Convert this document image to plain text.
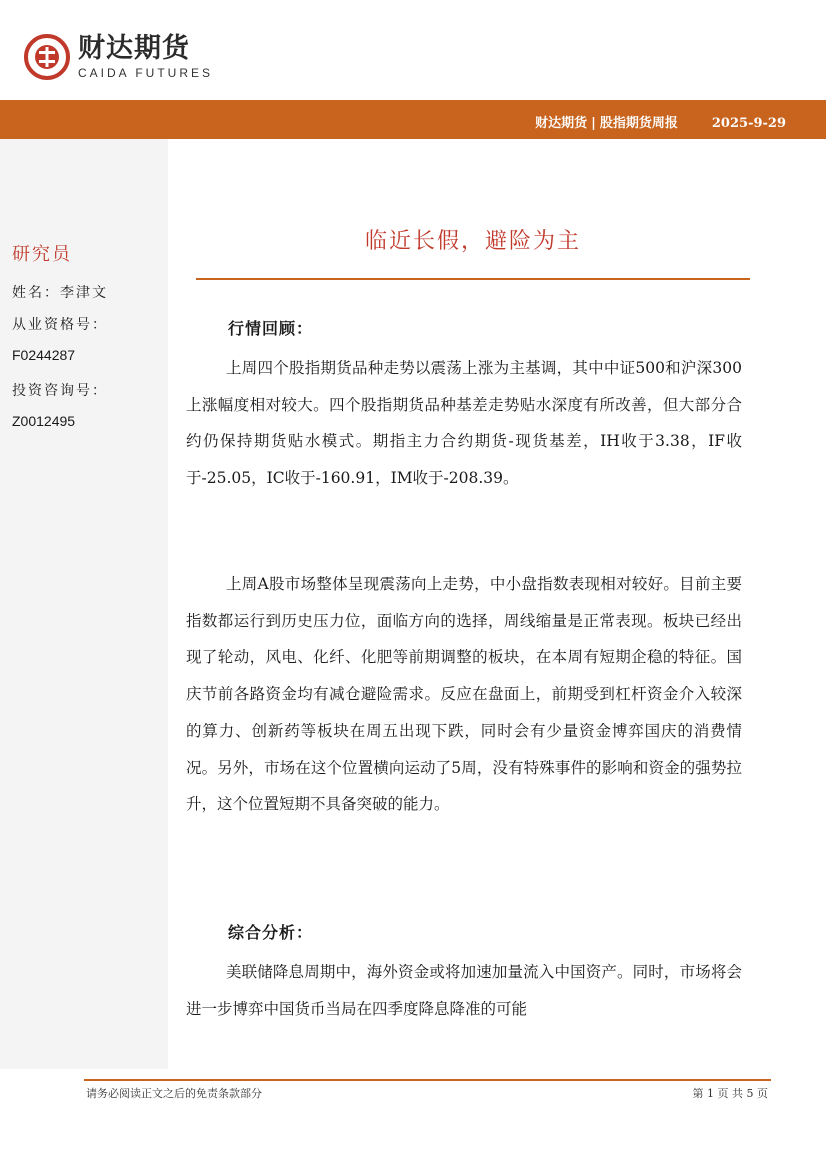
财达期货
CAIDA FUTURES
财达期货 | 股指期货周报	2025-9-29
研究员
姓名：李津文
从业资格号：
F0244287
投资咨询号：
Z0012495
临近长假，避险为主
行情回顾：
上周四个股指期货品种走势以震荡上涨为主基调，其中中证500和沪深300上涨幅度相对较大。四个股指期货品种基差走势贴水深度有所改善，但大部分合约仍保持期货贴水模式。期指主力合约期货-现货基差，IH收于3.38，IF收于-25.05，IC收于-160.91，IM收于-208.39。
上周A股市场整体呈现震荡向上走势，中小盘指数表现相对较好。目前主要指数都运行到历史压力位，面临方向的选择，周线缩量是正常表现。板块已经出现了轮动，风电、化纤、化肥等前期调整的板块，在本周有短期企稳的特征。国庆节前各路资金均有减仓避险需求。反应在盘面上，前期受到杠杆资金介入较深的算力、创新药等板块在周五出现下跌，同时会有少量资金博弈国庆的消费情况。另外，市场在这个位置横向运动了5周，没有特殊事件的影响和资金的强势拉升，这个位置短期不具备突破的能力。
综合分析：
美联储降息周期中，海外资金或将加速加量流入中国资产。同时，市场将会进一步博弈中国货币当局在四季度降息降准的可能
请务必阅读正文之后的免责条款部分	第 1 页 共 5 页
